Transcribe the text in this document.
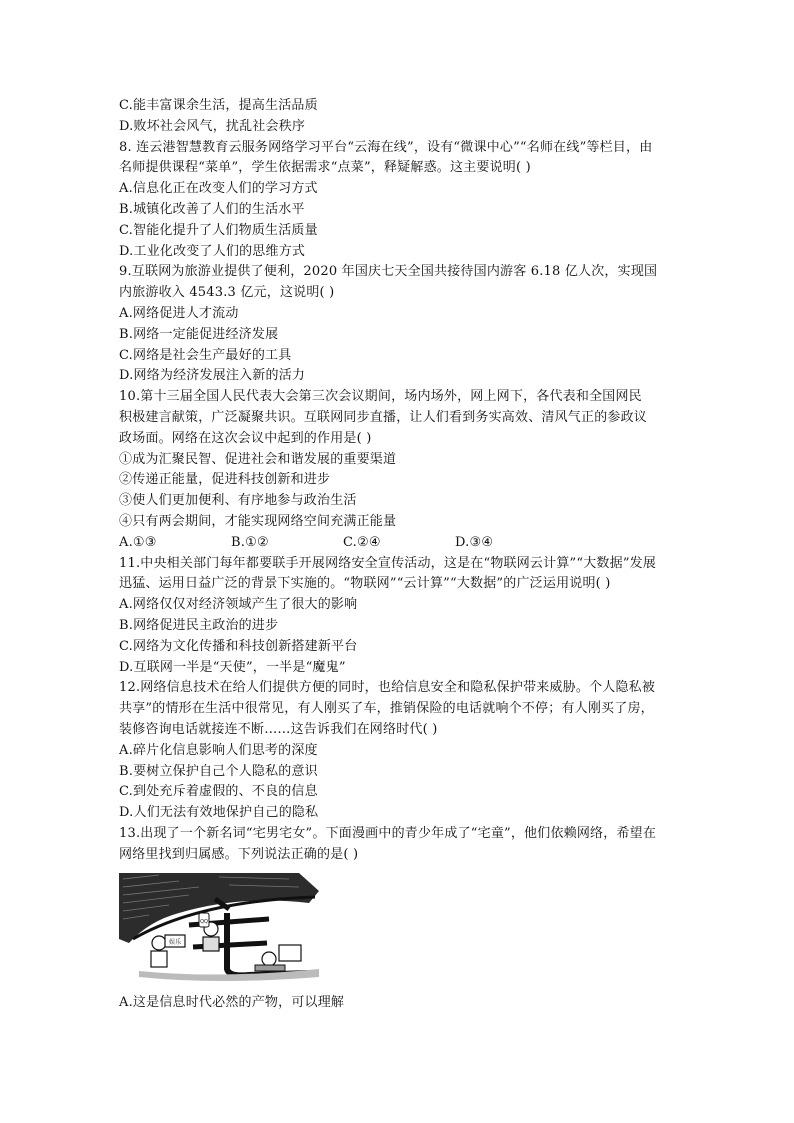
C.能丰富课余生活，提高生活品质
D.败坏社会风气，扰乱社会秩序
8. 连云港智慧教育云服务网络学习平台“云海在线”，设有“微课中心”“名师在线”等栏目，由
名师提供课程“菜单”，学生依据需求“点菜”，释疑解惑。这主要说明( )
A.信息化正在改变人们的学习方式
B.城镇化改善了人们的生活水平
C.智能化提升了人们物质生活质量
D.工业化改变了人们的思维方式
9.互联网为旅游业提供了便利，2020 年国庆七天全国共接待国内游客 6.18 亿人次，实现国
内旅游收入 4543.3 亿元，这说明( )
A.网络促进人才流动
B.网络一定能促进经济发展
C.网络是社会生产最好的工具
D.网络为经济发展注入新的活力
10.第十三届全国人民代表大会第三次会议期间，场内场外，网上网下，各代表和全国网民
积极建言献策，广泛凝聚共识。互联网同步直播，让人们看到务实高效、清风气正的参政议
政场面。网络在这次会议中起到的作用是( )
①成为汇聚民智、促进社会和谐发展的重要渠道
②传递正能量，促进科技创新和进步
③使人们更加便利、有序地参与政治生活
④只有两会期间，才能实现网络空间充满正能量
A.①③	B.①②	C.②④	D.③④
11.中央相关部门每年都要联手开展网络安全宣传活动，这是在“物联网云计算”“大数据”发展
迅猛、运用日益广泛的背景下实施的。“物联网”“云计算”“大数据”的广泛运用说明( )
A.网络仅仅对经济领域产生了很大的影响
B.网络促进民主政治的进步
C.网络为文化传播和科技创新搭建新平台
D.互联网一半是“天使”，一半是“魔鬼”
12.网络信息技术在给人们提供方便的同时，也给信息安全和隐私保护带来威胁。个人隐私被
共享”的情形在生活中很常见，有人刚买了车，推销保险的电话就响个不停；有人刚买了房，
装修咨询电话就接连不断……这告诉我们在网络时代( )
A.碎片化信息影响人们思考的深度
B.要树立保护自己个人隐私的意识
C.到处充斥着虚假的、不良的信息
D.人们无法有效地保护自己的隐私
13.出现了一个新名词“宅男宅女”。下面漫画中的青少年成了“宅童”，他们依赖网络，希望在
网络里找到归属感。下列说法正确的是( )
娱乐
QQ
A.这是信息时代必然的产物，可以理解
